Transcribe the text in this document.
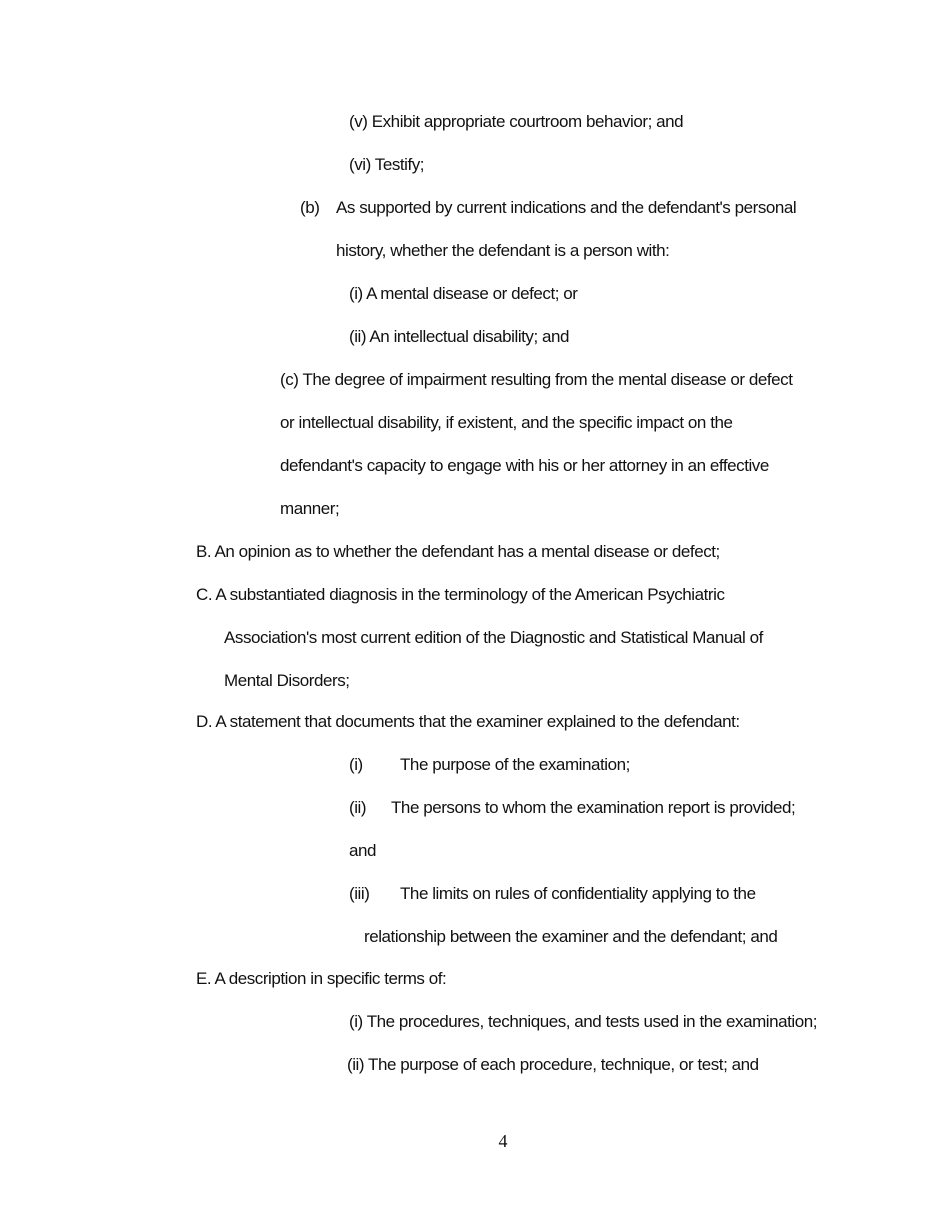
(v) Exhibit appropriate courtroom behavior; and
(vi) Testify;
(b) As supported by current indications and the defendant's personal
history, whether the defendant is a person with:
(i) A mental disease or defect; or
(ii) An intellectual disability; and
(c) The degree of impairment resulting from the mental disease or defect
or intellectual disability, if existent, and the specific impact on the
defendant's capacity to engage with his or her attorney in an effective
manner;
B. An opinion as to whether the defendant has a mental disease or defect;
C. A substantiated diagnosis in the terminology of the American Psychiatric
Association's most current edition of the Diagnostic and Statistical Manual of
Mental Disorders;
D. A statement that documents that the examiner explained to the defendant:
(i) The purpose of the examination;
(ii) The persons to whom the examination report is provided;
and
(iii) The limits on rules of confidentiality applying to the
relationship between the examiner and the defendant; and
E. A description in specific terms of:
(i) The procedures, techniques, and tests used in the examination;
(ii) The purpose of each procedure, technique, or test; and
4
